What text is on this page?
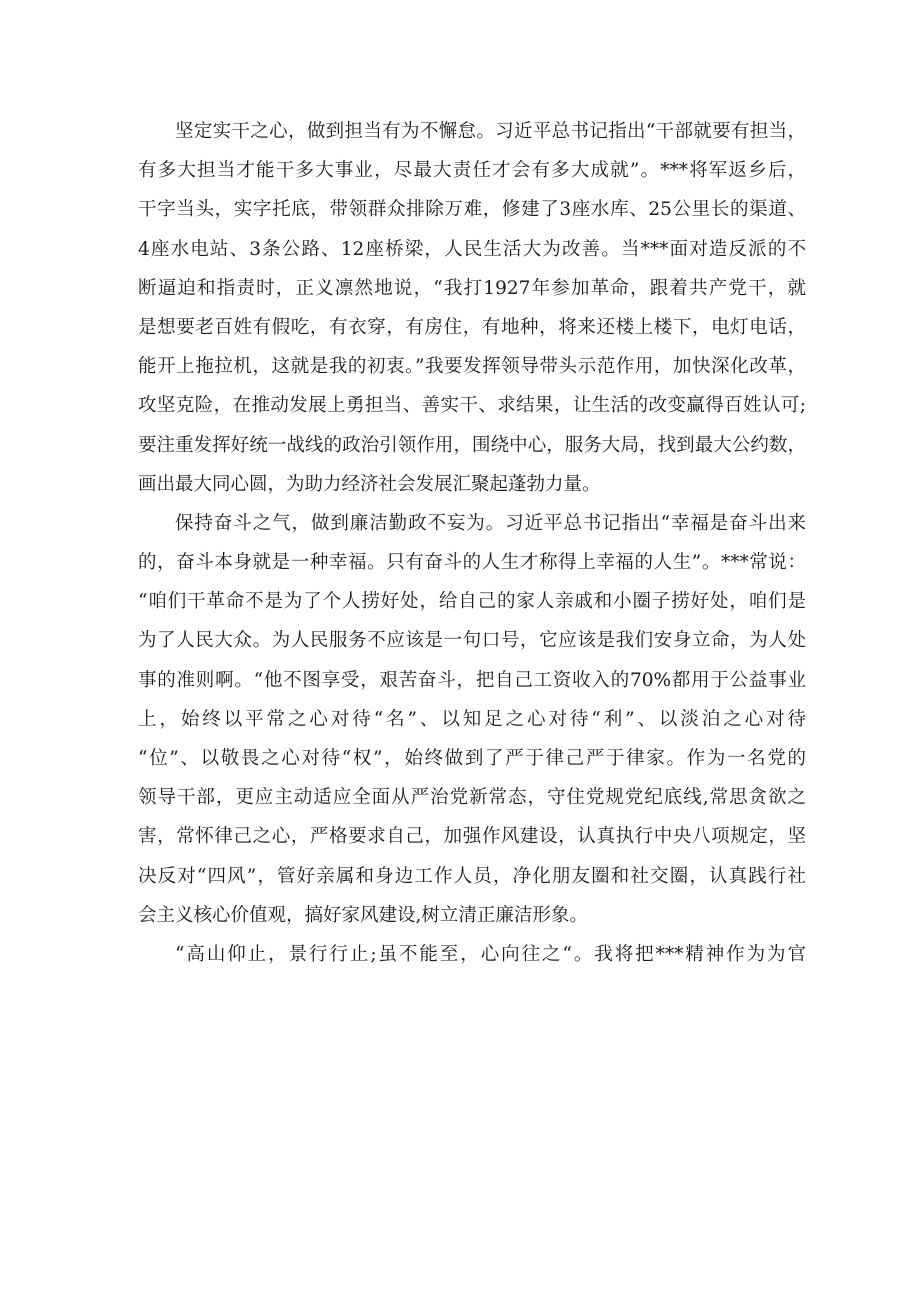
坚定实干之心，做到担当有为不懈怠。习近平总书记指出“干部就要有担当，
有多大担当才能干多大事业，尽最大责任才会有多大成就”。***将军返乡后，
干字当头，实字托底，带领群众排除万难，修建了3座水库、25公里长的渠道、
4座水电站、3条公路、12座桥梁，人民生活大为改善。当***面对造反派的不
断逼迫和指责时，正义凛然地说，“我打1927年参加革命，跟着共产党干，就
是想要老百姓有假吃，有衣穿，有房住，有地种，将来还楼上楼下，电灯电话，
能开上拖拉机，这就是我的初衷。”我要发挥领导带头示范作用，加快深化改革，
攻坚克险，在推动发展上勇担当、善实干、求结果，让生活的改变赢得百姓认可;
要注重发挥好统一战线的政治引领作用，围绕中心，服务大局，找到最大公约数，
画出最大同心圆，为助力经济社会发展汇聚起蓬勃力量。
保持奋斗之气，做到廉洁勤政不妄为。习近平总书记指出“幸福是奋斗出来
的，奋斗本身就是一种幸福。只有奋斗的人生才称得上幸福的人生”。***常说：
“咱们干革命不是为了个人捞好处，给自己的家人亲戚和小圈子捞好处，咱们是
为了人民大众。为人民服务不应该是一句口号，它应该是我们安身立命，为人处
事的准则啊。“他不图享受，艰苦奋斗，把自己工资收入的70%都用于公益事业
上，始终以平常之心对待“名”、以知足之心对待“利”、以淡泊之心对待
“位”、以敬畏之心对待“权”，始终做到了严于律己严于律家。作为一名党的
领导干部，更应主动适应全面从严治党新常态，守住党规党纪底线,常思贪欲之
害，常怀律己之心，严格要求自己，加强作风建设，认真执行中央八项规定，坚
决反对“四风”，管好亲属和身边工作人员，净化朋友圈和社交圈，认真践行社
会主义核心价值观，搞好家风建设,树立清正廉洁形象。
“高山仰止，景行行止;虽不能至，心向往之“。我将把***精神作为为官
